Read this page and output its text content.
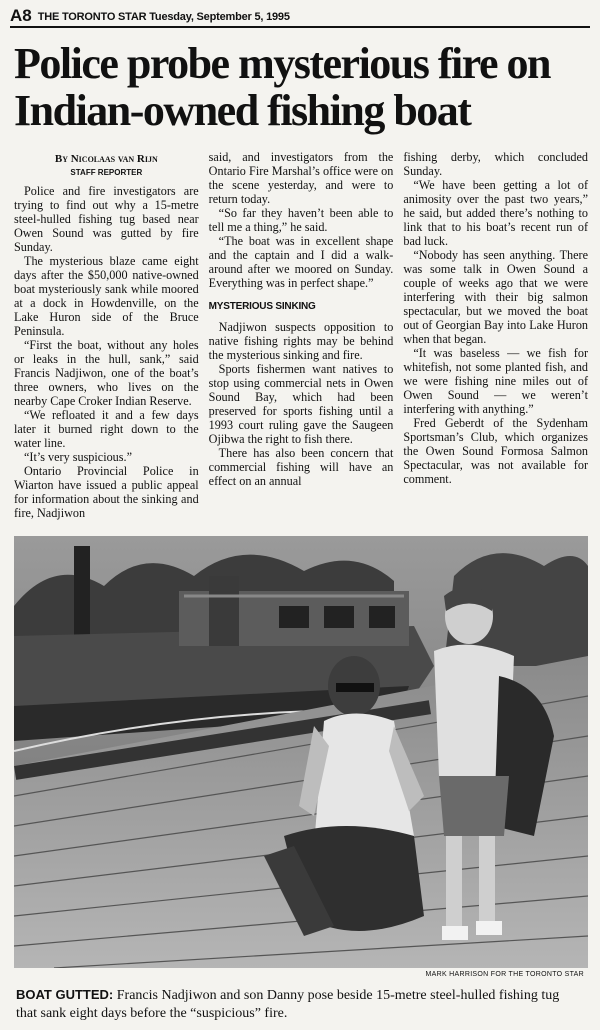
A8 THE TORONTO STAR Tuesday, September 5, 1995
Police probe mysterious fire on Indian-owned fishing boat
By Nicolaas van Rijn
STAFF REPORTER

Police and fire investigators are trying to find out why a 15-metre steel-hulled fishing tug based near Owen Sound was gutted by fire Sunday.

The mysterious blaze came eight days after the $50,000 native-owned boat mysteriously sank while moored at a dock in Howdenville, on the Lake Huron side of the Bruce Peninsula.

“First the boat, without any holes or leaks in the hull, sank,” said Francis Nadjiwon, one of the boat’s three owners, who lives on the nearby Cape Croker Indian Reserve.

“We refloated it and a few days later it burned right down to the water line.

“It’s very suspicious.”

Ontario Provincial Police in Wiarton have issued a public appeal for information about the sinking and fire, Nadjiwon

said, and investigators from the Ontario Fire Marshal’s office were on the scene yesterday, and were to return today.

“So far they haven’t been able to tell me a thing,” he said.

“The boat was in excellent shape and the captain and I did a walk-around after we moored on Sunday. Everything was in perfect shape.”

MYSTERIOUS SINKING

Nadjiwon suspects opposition to native fishing rights may be behind the mysterious sinking and fire.

Sports fishermen want natives to stop using commercial nets in Owen Sound Bay, which had been preserved for sports fishing until a 1993 court ruling gave the Saugeen Ojibwa the right to fish there.

There has also been concern that commercial fishing will have an effect on an annual

fishing derby, which concluded Sunday.

“We have been getting a lot of animosity over the past two years,” he said, but added there’s nothing to link that to his boat’s recent run of bad luck.

“Nobody has seen anything. There was some talk in Owen Sound a couple of weeks ago that we were interfering with their big salmon spectacular, but we moved the boat out of Georgian Bay into Lake Huron when that began.

“It was baseless — we fish for whitefish, not some planted fish, and we were fishing nine miles out of Owen Sound — we weren’t interfering with anything.”

Fred Geberdt of the Sydenham Sportsman’s Club, which organizes the Owen Sound Formosa Salmon Spectacular, was not available for comment.

MARK HARRISON FOR THE TORONTO STAR
BOAT GUTTED: Francis Nadjiwon and son Danny pose beside 15-metre steel-hulled fishing tug that sank eight days before the “suspicious” fire.
